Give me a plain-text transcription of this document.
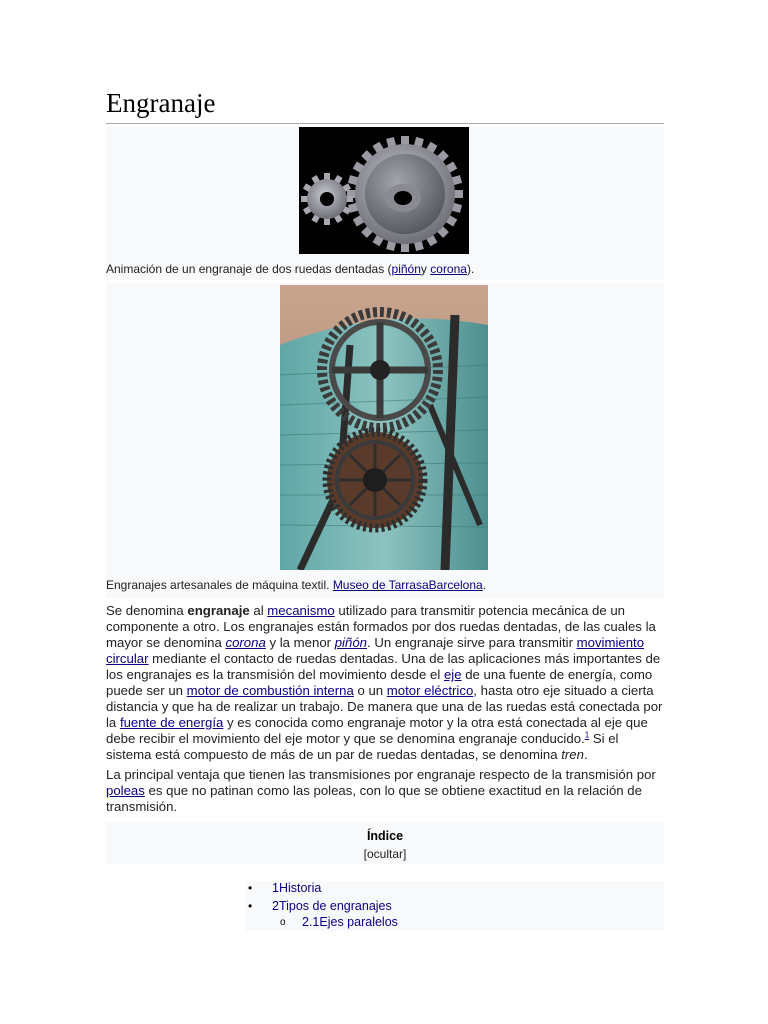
Engranaje
Animación de un engranaje de dos ruedas dentadas (piñóny corona).
Engranajes artesanales de máquina textil. Museo de TarrasaBarcelona.

Se denomina engranaje al mecanismo utilizado para transmitir potencia mecánica de un componente a otro. Los engranajes están formados por dos ruedas dentadas, de las cuales la mayor se denomina corona y la menor piñón. Un engranaje sirve para transmitir movimiento circular mediante el contacto de ruedas dentadas. Una de las aplicaciones más importantes de los engranajes es la transmisión del movimiento desde el eje de una fuente de energía, como puede ser un motor de combustión interna o un motor eléctrico, hasta otro eje situado a cierta distancia y que ha de realizar un trabajo. De manera que una de las ruedas está conectada por la fuente de energía y es conocida como engranaje motor y la otra está conectada al eje que debe recibir el movimiento del eje motor y que se denomina engranaje conducido.$^1$ Si el sistema está compuesto de más de un par de ruedas dentadas, se denomina tren.

La principal ventaja que tienen las transmisiones por engranaje respecto de la transmisión por poleas es que no patinan como las poleas, con lo que se obtiene exactitud en la relación de transmisión.

Índice
[ocultar]
• 1Historia
• 2Tipos de engranajes
o 2.1Ejes paralelos
